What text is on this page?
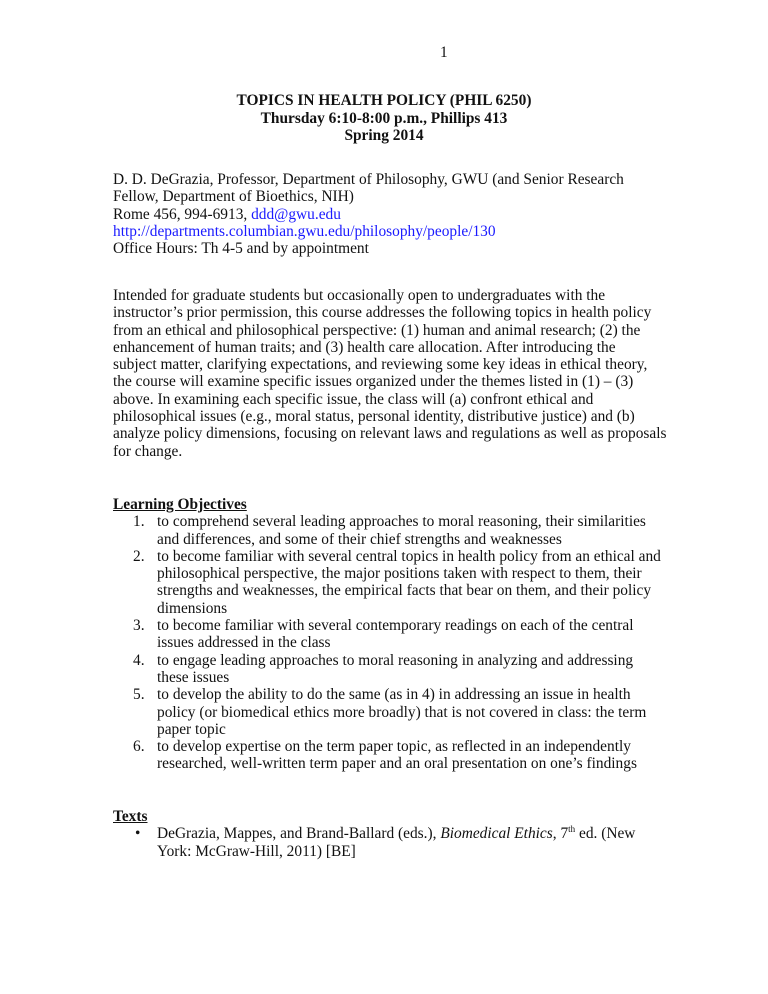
1
TOPICS IN HEALTH POLICY (PHIL 6250)
Thursday 6:10-8:00 p.m., Phillips 413
Spring 2014
D. D. DeGrazia, Professor, Department of Philosophy, GWU (and Senior Research
Fellow, Department of Bioethics, NIH)
Rome 456, 994-6913, ddd@gwu.edu
http://departments.columbian.gwu.edu/philosophy/people/130
Office Hours: Th 4-5 and by appointment
Intended for graduate students but occasionally open to undergraduates with the
instructor’s prior permission, this course addresses the following topics in health policy
from an ethical and philosophical perspective: (1) human and animal research; (2) the
enhancement of human traits; and (3) health care allocation. After introducing the
subject matter, clarifying expectations, and reviewing some key ideas in ethical theory,
the course will examine specific issues organized under the themes listed in (1) – (3)
above. In examining each specific issue, the class will (a) confront ethical and
philosophical issues (e.g., moral status, personal identity, distributive justice) and (b)
analyze policy dimensions, focusing on relevant laws and regulations as well as proposals
for change.
Learning Objectives
1. to comprehend several leading approaches to moral reasoning, their similarities
and differences, and some of their chief strengths and weaknesses
2. to become familiar with several central topics in health policy from an ethical and
philosophical perspective, the major positions taken with respect to them, their
strengths and weaknesses, the empirical facts that bear on them, and their policy
dimensions
3. to become familiar with several contemporary readings on each of the central
issues addressed in the class
4. to engage leading approaches to moral reasoning in analyzing and addressing
these issues
5. to develop the ability to do the same (as in 4) in addressing an issue in health
policy (or biomedical ethics more broadly) that is not covered in class: the term
paper topic
6. to develop expertise on the term paper topic, as reflected in an independently
researched, well-written term paper and an oral presentation on one’s findings
Texts
• DeGrazia, Mappes, and Brand-Ballard (eds.), Biomedical Ethics, 7th ed. (New
York: McGraw-Hill, 2011) [BE]
